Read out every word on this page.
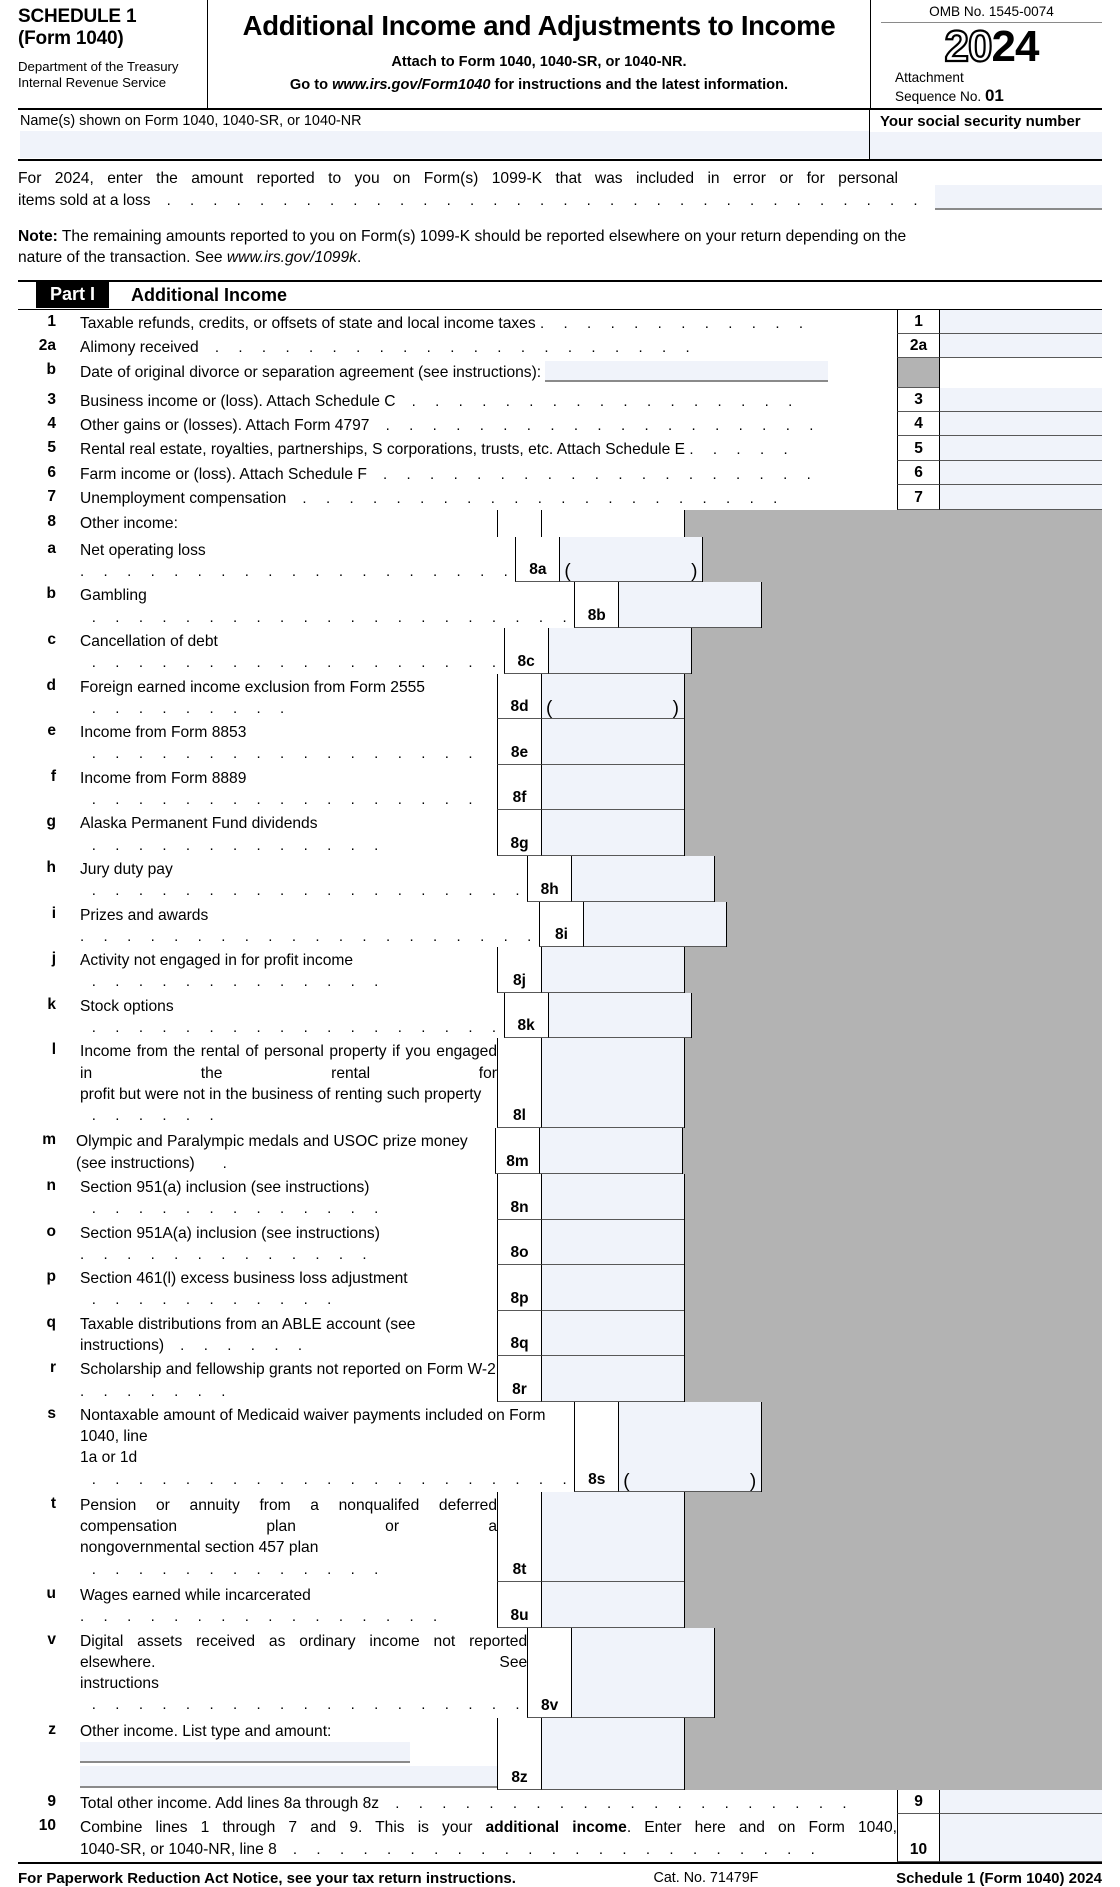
SCHEDULE 1
(Form 1040)
Department of the Treasury
Internal Revenue Service
Additional Income and Adjustments to Income
Attach to Form 1040, 1040-SR, or 1040-NR.
Go to www.irs.gov/Form1040 for instructions and the latest information.
OMB No. 1545-0074
2024
Attachment
Sequence No. 01
Name(s) shown on Form 1040, 1040-SR, or 1040-NR	Your social security number
For 2024, enter the amount reported to you on Form(s) 1099-K that was included in error or for personal
items sold at a loss  . . . . . . . . . . . . . . . . . . . . . . . . . . . . . . . . .
Note: The remaining amounts reported to you on Form(s) 1099-K should be reported elsewhere on your return depending on the
nature of the transaction. See www.irs.gov/1099k.
Part I	Additional Income
1	Taxable refunds, credits, or offsets of state and local income taxes . . . . . . . . . . . .	1
2a	Alimony received  . . . . . . . . . . . . . . . . . . . . .	2a
b	Date of original divorce or separation agreement (see instructions):
3	Business income or (loss). Attach Schedule C  . . . . . . . . . . . . . . . . .	3
4	Other gains or (losses). Attach Form 4797  . . . . . . . . . . . . . . . . . . .	4
5	Rental real estate, royalties, partnerships, S corporations, trusts, etc. Attach Schedule E . . . . .	5
6	Farm income or (loss). Attach Schedule F  . . . . . . . . . . . . . . . . . . .	6
7	Unemployment compensation  . . . . . . . . . . . . . . . . . . . . .	7
8	Other income:
a	Net operating loss . . . . . . . . . . . . . . . . . . . 8a (	)
b	Gambling  . . . . . . . . . . . . . . . . . . . . . 8b
c	Cancellation of debt  . . . . . . . . . . . . . . . . . . 8c
d	Foreign earned income exclusion from Form 2555  . . . . . . . . .	8d (	)
e	Income from Form 8853  . . . . . . . . . . . . . . . . .	8e
f	Income from Form 8889  . . . . . . . . . . . . . . . . .	8f
g	Alaska Permanent Fund dividends  . . . . . . . . . . . . .	8g
h	Jury duty pay  . . . . . . . . . . . . . . . . . . . 8h
i	Prizes and awards . . . . . . . . . . . . . . . . . . . .	8i
j	Activity not engaged in for profit income  . . . . . . . . . . . . .	8j
k	Stock options  . . . . . . . . . . . . . . . . . . 8k
l	Income from the rental of personal property if you engaged in the rental for
profit but were not in the business of renting such property  . . . . . .	8l
m	Olympic and Paralympic medals and USOC prize money (see instructions)   .	8m
n	Section 951(a) inclusion (see instructions)  . . . . . . . . . . . . .	8n
o	Section 951A(a) inclusion (see instructions) . . . . . . . . . . . . .	8o
p	Section 461(l) excess business loss adjustment  . . . . . . . . . . .	8p
q	Taxable distributions from an ABLE account (see instructions)  . . . . . .	8q
r	Scholarship and fellowship grants not reported on Form W-2 . . . . . . .	8r
s	Nontaxable amount of Medicaid waiver payments included on Form 1040, line
1a or 1d  . . . . . . . . . . . . . . . . . . . . . 8s (	)
t	Pension or annuity from a nonqualifed deferred compensation plan or a
nongovernmental section 457 plan  . . . . . . . . . . . . .	8t
u	Wages earned while incarcerated . . . . . . . . . . . . . . . .	8u
v	Digital assets received as ordinary income not reported elsewhere. See
instructions  . . . . . . . . . . . . . . . . . . . 8v
z	Other income. List type and amount:
8z
9	Total other income. Add lines 8a through 8z  . . . . . . . . . . . . . . . . . . . .	9
10	Combine lines 1 through 7 and 9. This is your additional income. Enter here and on Form 1040,
1040-SR, or 1040-NR, line 8  . . . . . . . . . . . . . . . . . . . . . . .	10
For Paperwork Reduction Act Notice, see your tax return instructions.	Cat. No. 71479F	Schedule 1 (Form 1040) 2024
